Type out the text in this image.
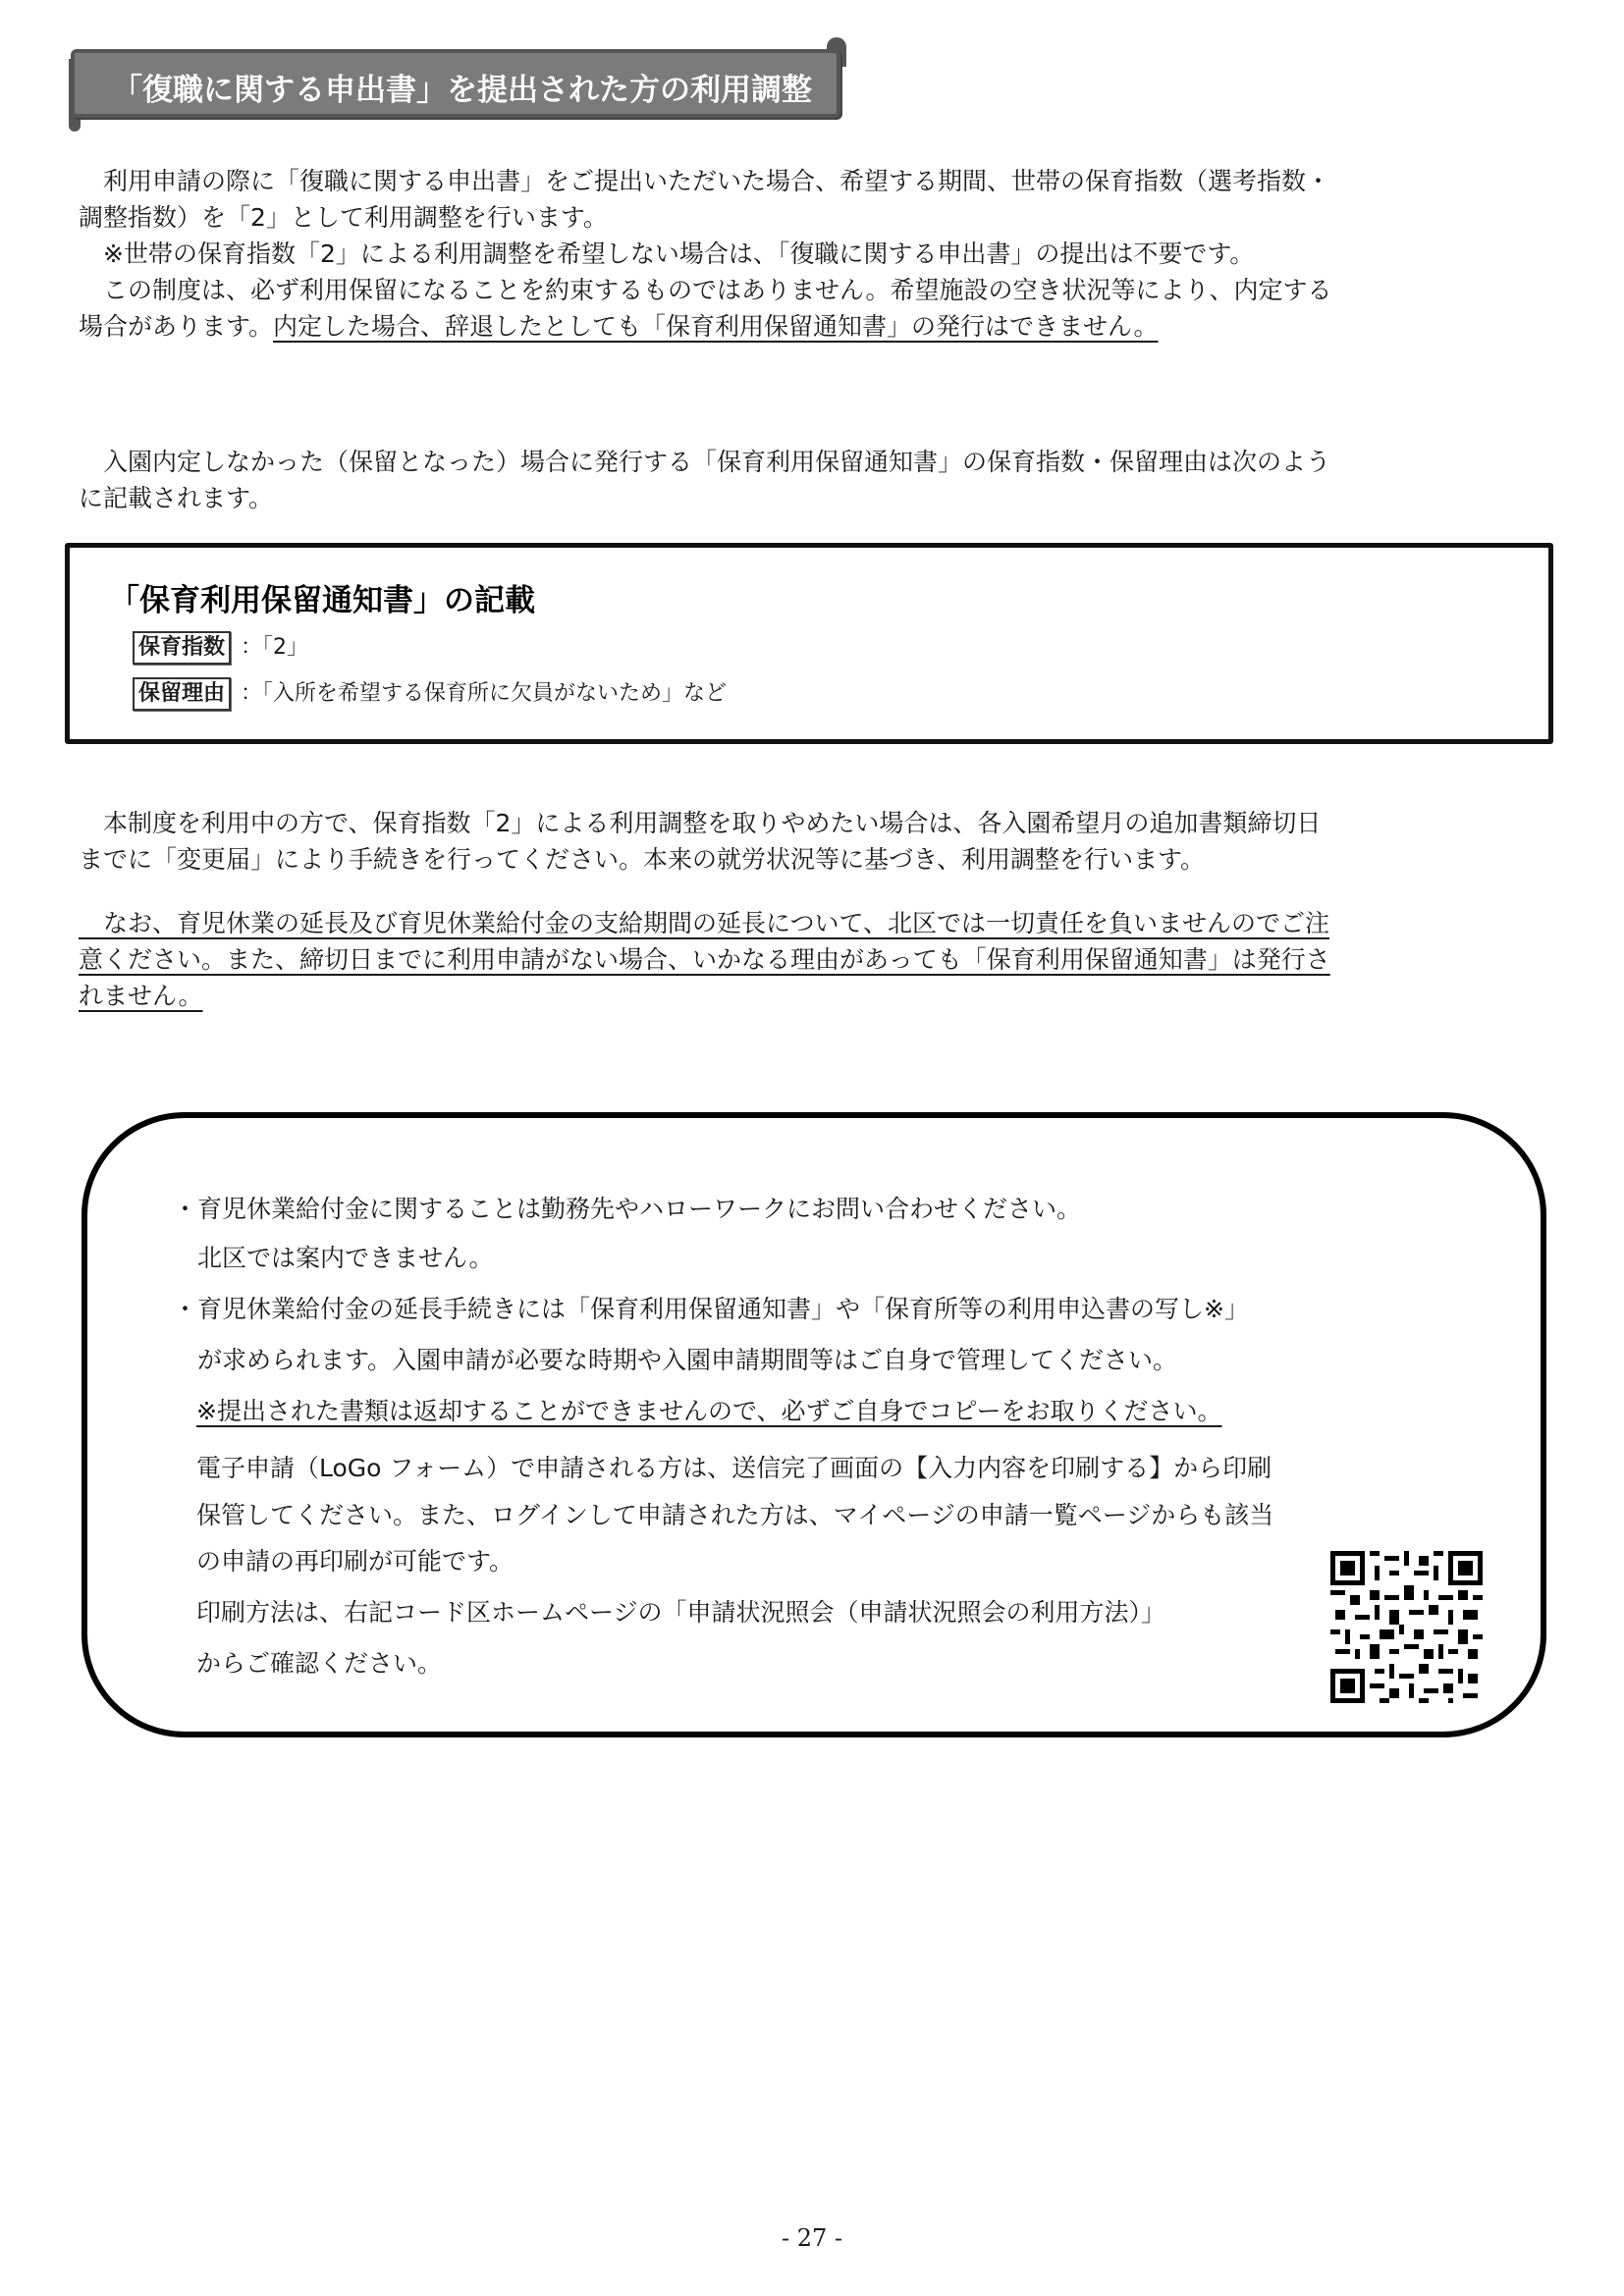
「復職に関する申出書」を提出された方の利用調整
　利用申請の際に「復職に関する申出書」をご提出いただいた場合、希望する期間、世帯の保育指数（選考指数・
調整指数）を「2」として利用調整を行います。
　※世帯の保育指数「2」による利用調整を希望しない場合は、「復職に関する申出書」の提出は不要です。
　この制度は、必ず利用保留になることを約束するものではありません。希望施設の空き状況等により、内定する
場合があります。内定した場合、辞退したとしても「保育利用保留通知書」の発行はできません。
　入園内定しなかった（保留となった）場合に発行する「保育利用保留通知書」の保育指数・保留理由は次のよう
に記載されます。
「保育利用保留通知書」の記載
保育指数 ：「2」
保留理由 ：「入所を希望する保育所に欠員がないため」など
　本制度を利用中の方で、保育指数「2」による利用調整を取りやめたい場合は、各入園希望月の追加書類締切日
までに「変更届」により手続きを行ってください。本来の就労状況等に基づき、利用調整を行います。
　なお、育児休業の延長及び育児休業給付金の支給期間の延長について、北区では一切責任を負いませんのでご注
意ください。また、締切日までに利用申請がない場合、いかなる理由があっても「保育利用保留通知書」は発行さ
れません。
・育児休業給付金に関することは勤務先やハローワークにお問い合わせください。
　北区では案内できません。
・育児休業給付金の延長手続きには「保育利用保留通知書」や「保育所等の利用申込書の写し※」
　が求められます。入園申請が必要な時期や入園申請期間等はご自身で管理してください。
※提出された書類は返却することができませんので、必ずご自身でコピーをお取りください。
電子申請（LoGo フォーム）で申請される方は、送信完了画面の【入力内容を印刷する】から印刷
保管してください。また、ログインして申請された方は、マイページの申請一覧ページからも該当
の申請の再印刷が可能です。
印刷方法は、右記コード区ホームページの「申請状況照会（申請状況照会の利用方法）」
からご確認ください。
- 27 -
